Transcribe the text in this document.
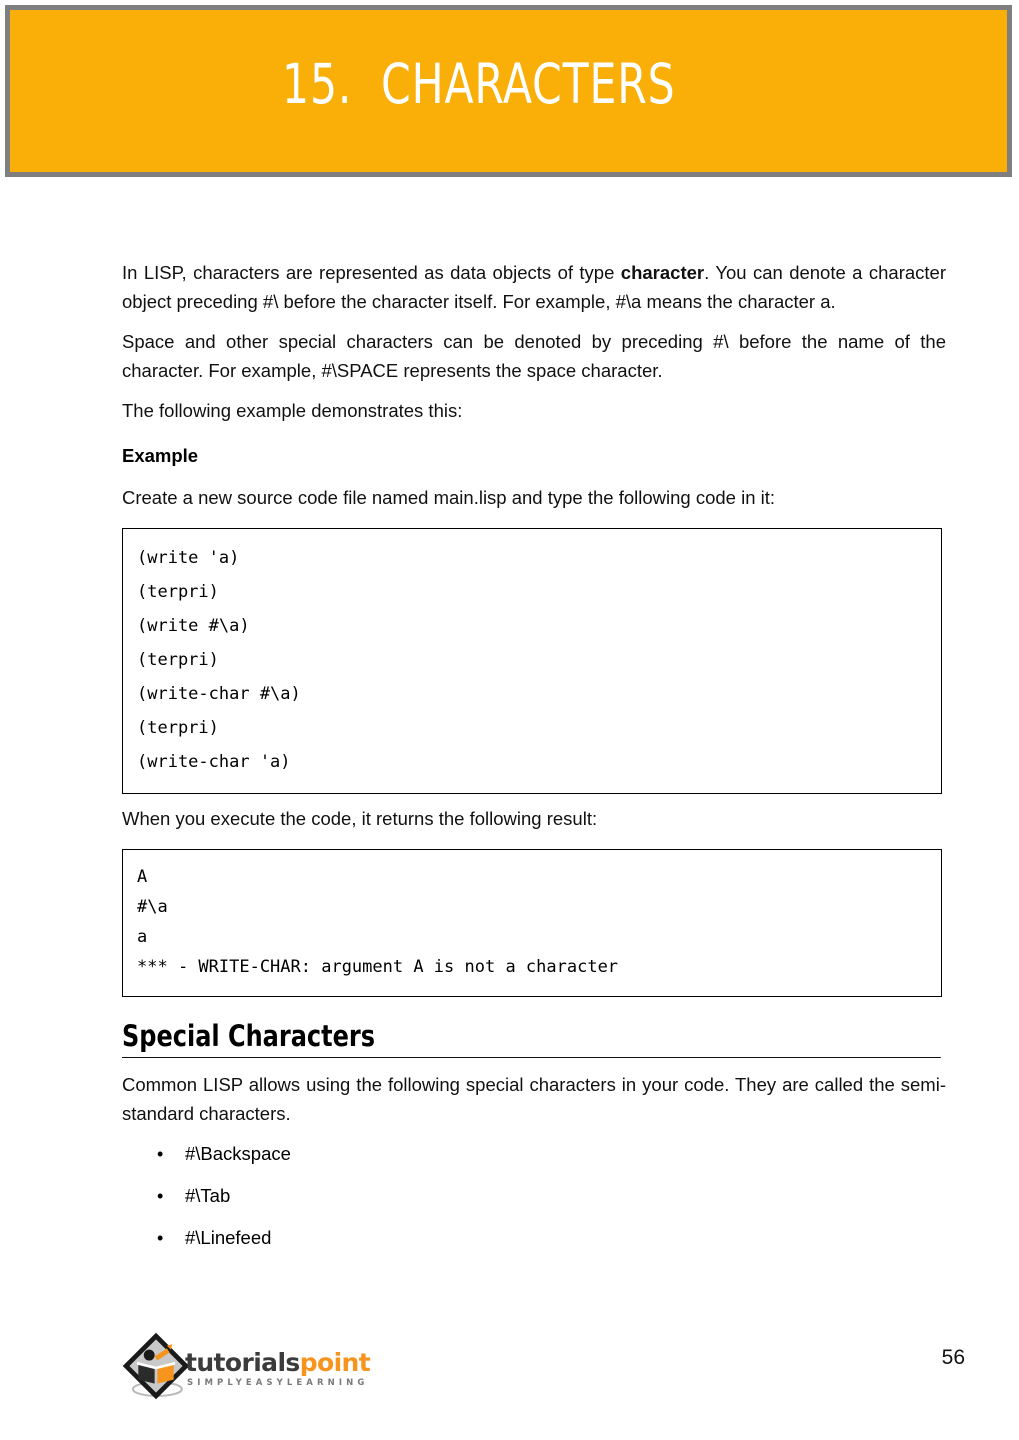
15.  CHARACTERS

In LISP, characters are represented as data objects of type character. You can denote a character object preceding #\ before the character itself. For example, #\a means the character a.

Space and other special characters can be denoted by preceding #\ before the name of the character. For example, #\SPACE represents the space character.

The following example demonstrates this:

Example

Create a new source code file named main.lisp and type the following code in it:

(write 'a)
(terpri)
(write #\a)
(terpri)
(write-char #\a)
(terpri)
(write-char 'a)

When you execute the code, it returns the following result:

A
#\a
a
*** - WRITE-CHAR: argument A is not a character
Special Characters

Common LISP allows using the following special characters in your code. They are called the semi-standard characters.

• #\Backspace
• #\Tab
• #\Linefeed
tutorialspoint
SIMPLYEASYLEARNING
56
